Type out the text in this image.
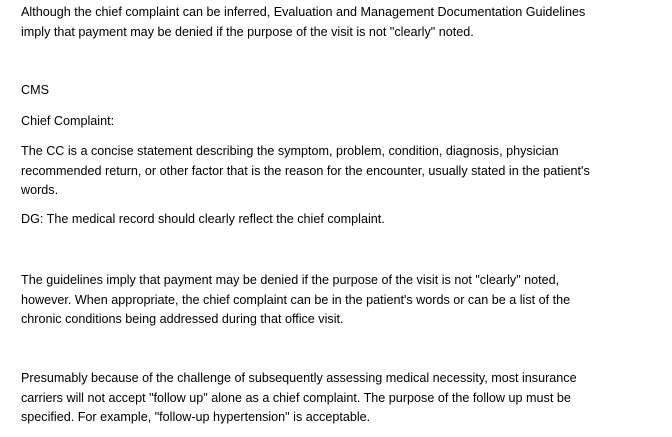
Although the chief complaint can be inferred, Evaluation and Management Documentation Guidelines
imply that payment may be denied if the purpose of the visit is not "clearly" noted.

CMS

Chief Complaint:

The CC is a concise statement describing the symptom, problem, condition, diagnosis, physician
recommended return, or other factor that is the reason for the encounter, usually stated in the patient's
words.

DG: The medical record should clearly reflect the chief complaint.

The guidelines imply that payment may be denied if the purpose of the visit is not "clearly" noted,
however. When appropriate, the chief complaint can be in the patient's words or can be a list of the
chronic conditions being addressed during that office visit.

Presumably because of the challenge of subsequently assessing medical necessity, most insurance
carriers will not accept "follow up" alone as a chief complaint. The purpose of the follow up must be
specified. For example, "follow-up hypertension" is acceptable.
